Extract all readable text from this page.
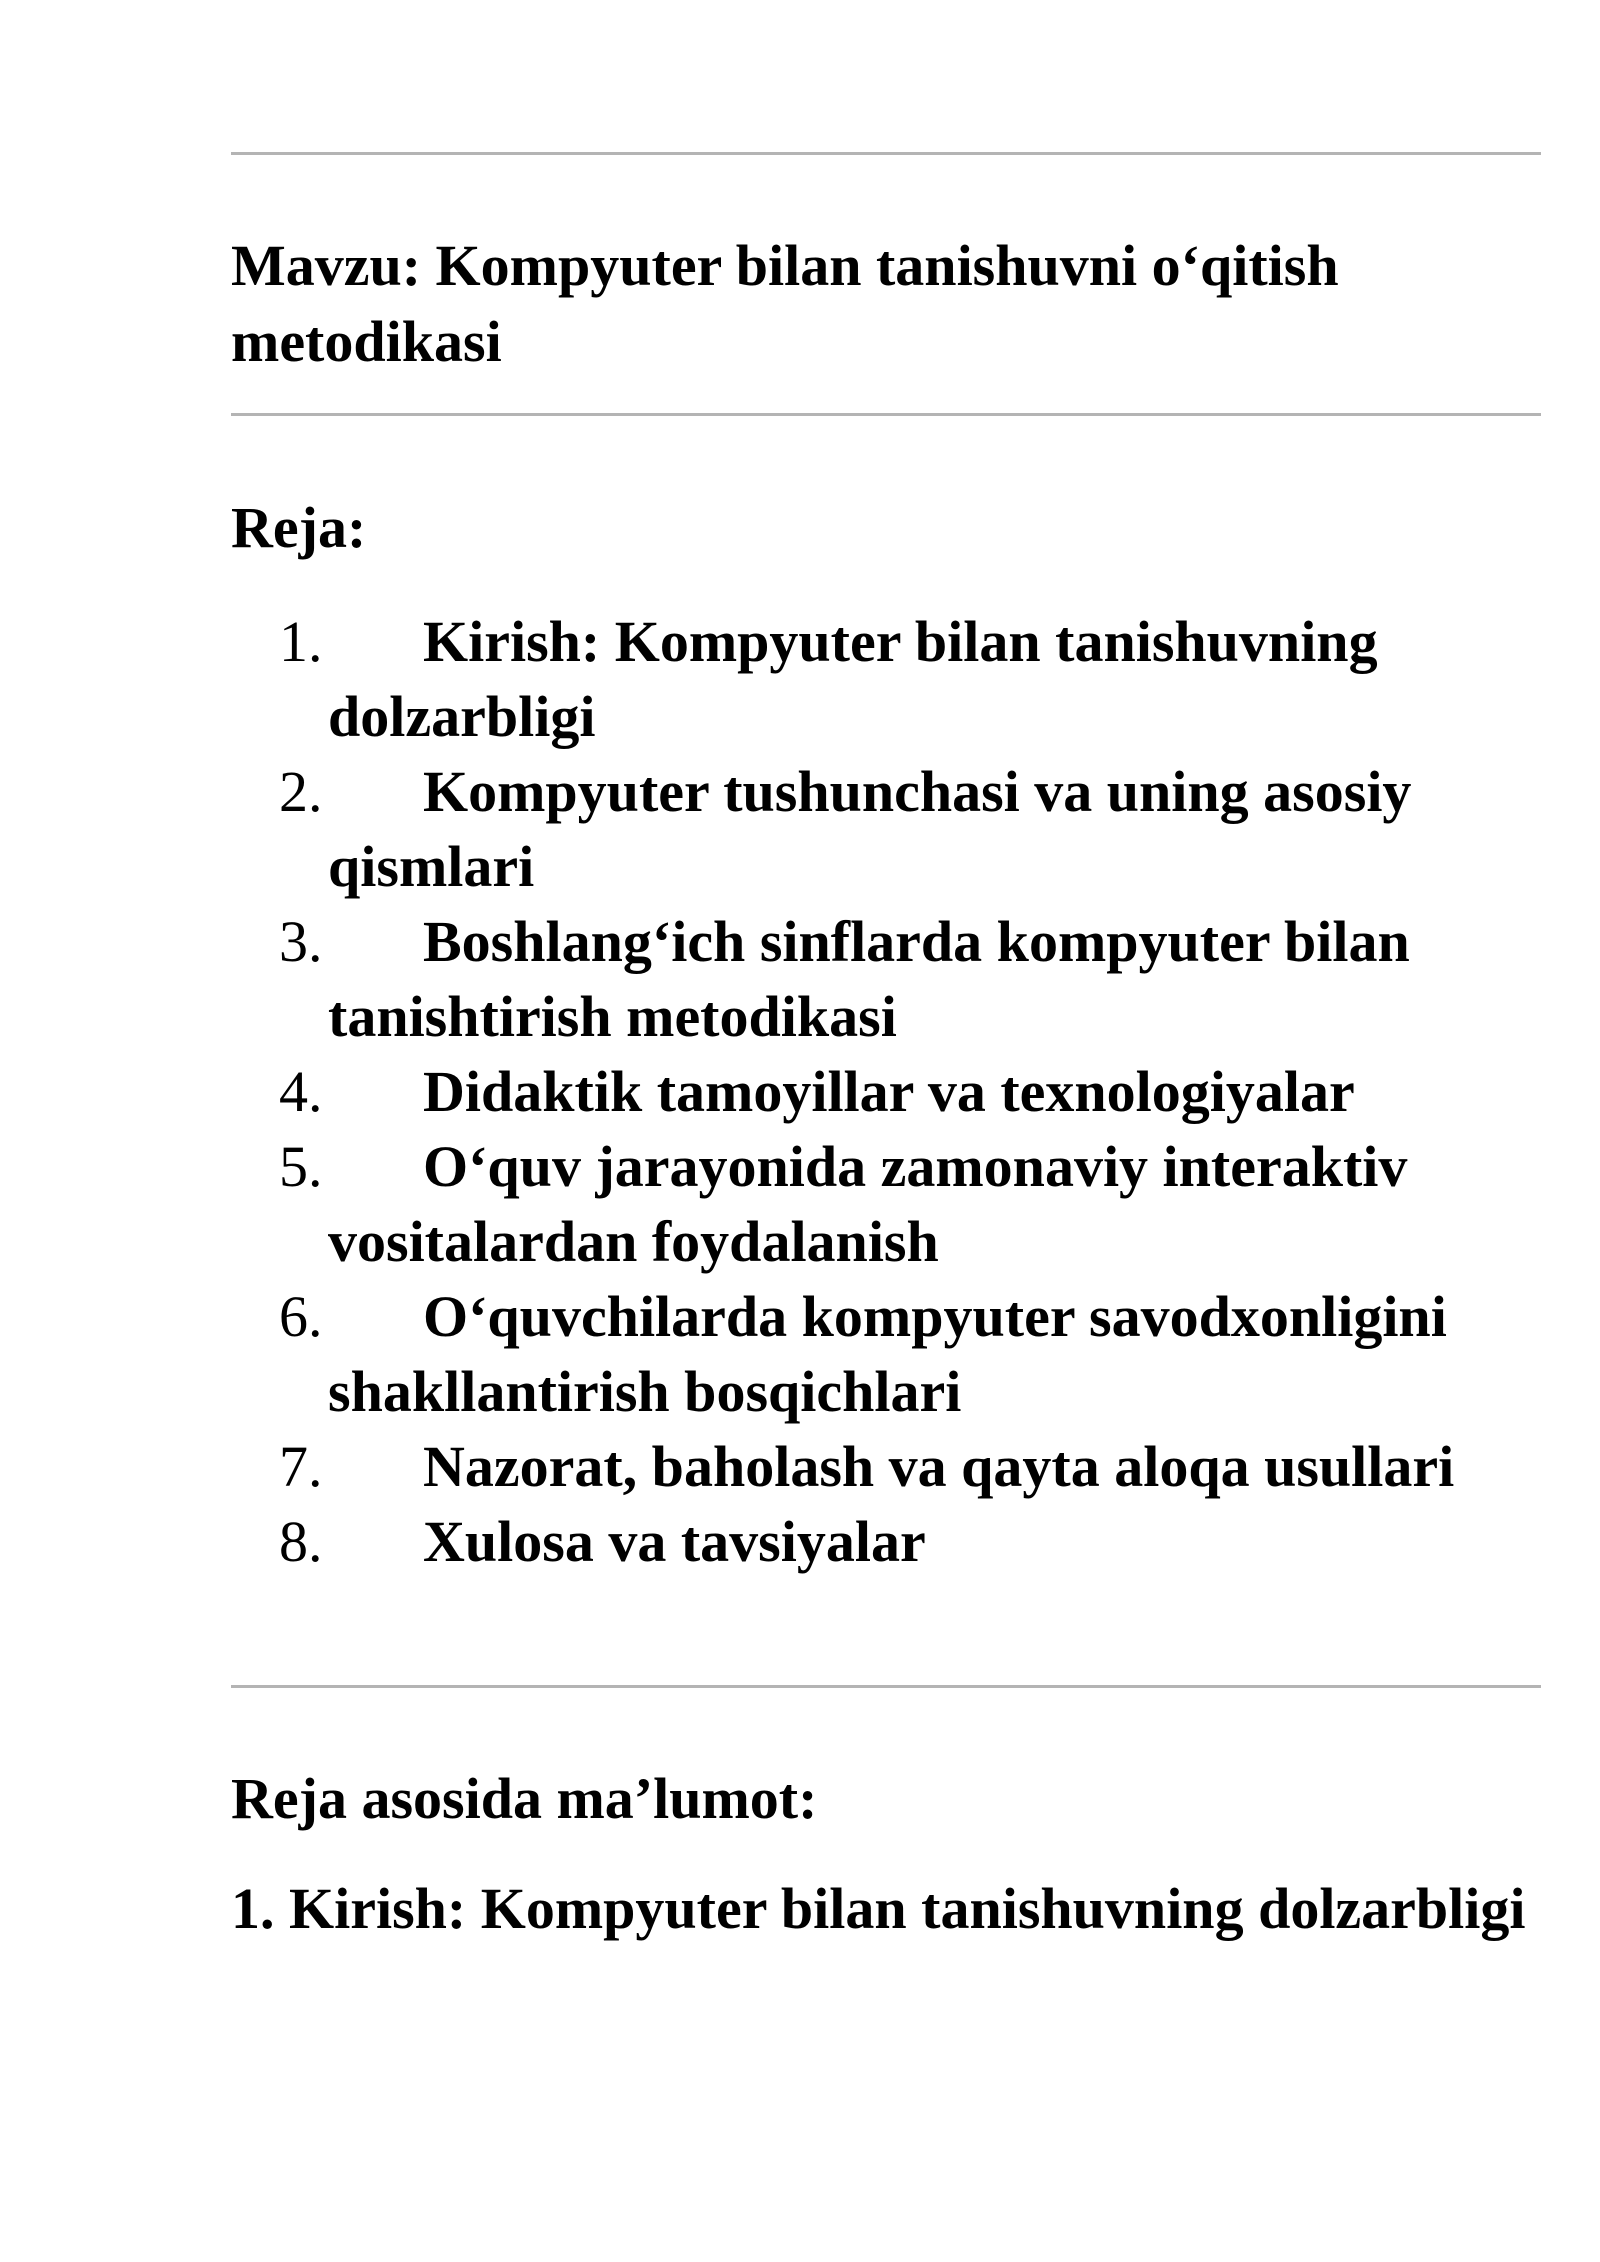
Mavzu: Kompyuter bilan tanishuvni o‘qitish metodikasi
Reja:
1.	Kirish: Kompyuter bilan tanishuvning dolzarbligi
2.	Kompyuter tushunchasi va uning asosiy qismlari
3.	Boshlang‘ich sinflarda kompyuter bilan tanishtirish metodikasi
4.	Didaktik tamoyillar va texnologiyalar
5.	O‘quv jarayonida zamonaviy interaktiv vositalardan foydalanish
6.	O‘quvchilarda kompyuter savodxonligini shakllantirish bosqichlari
7.	Nazorat, baholash va qayta aloqa usullari
8.	Xulosa va tavsiyalar
Reja asosida ma’lumot:
1. Kirish: Kompyuter bilan tanishuvning dolzarbligi
